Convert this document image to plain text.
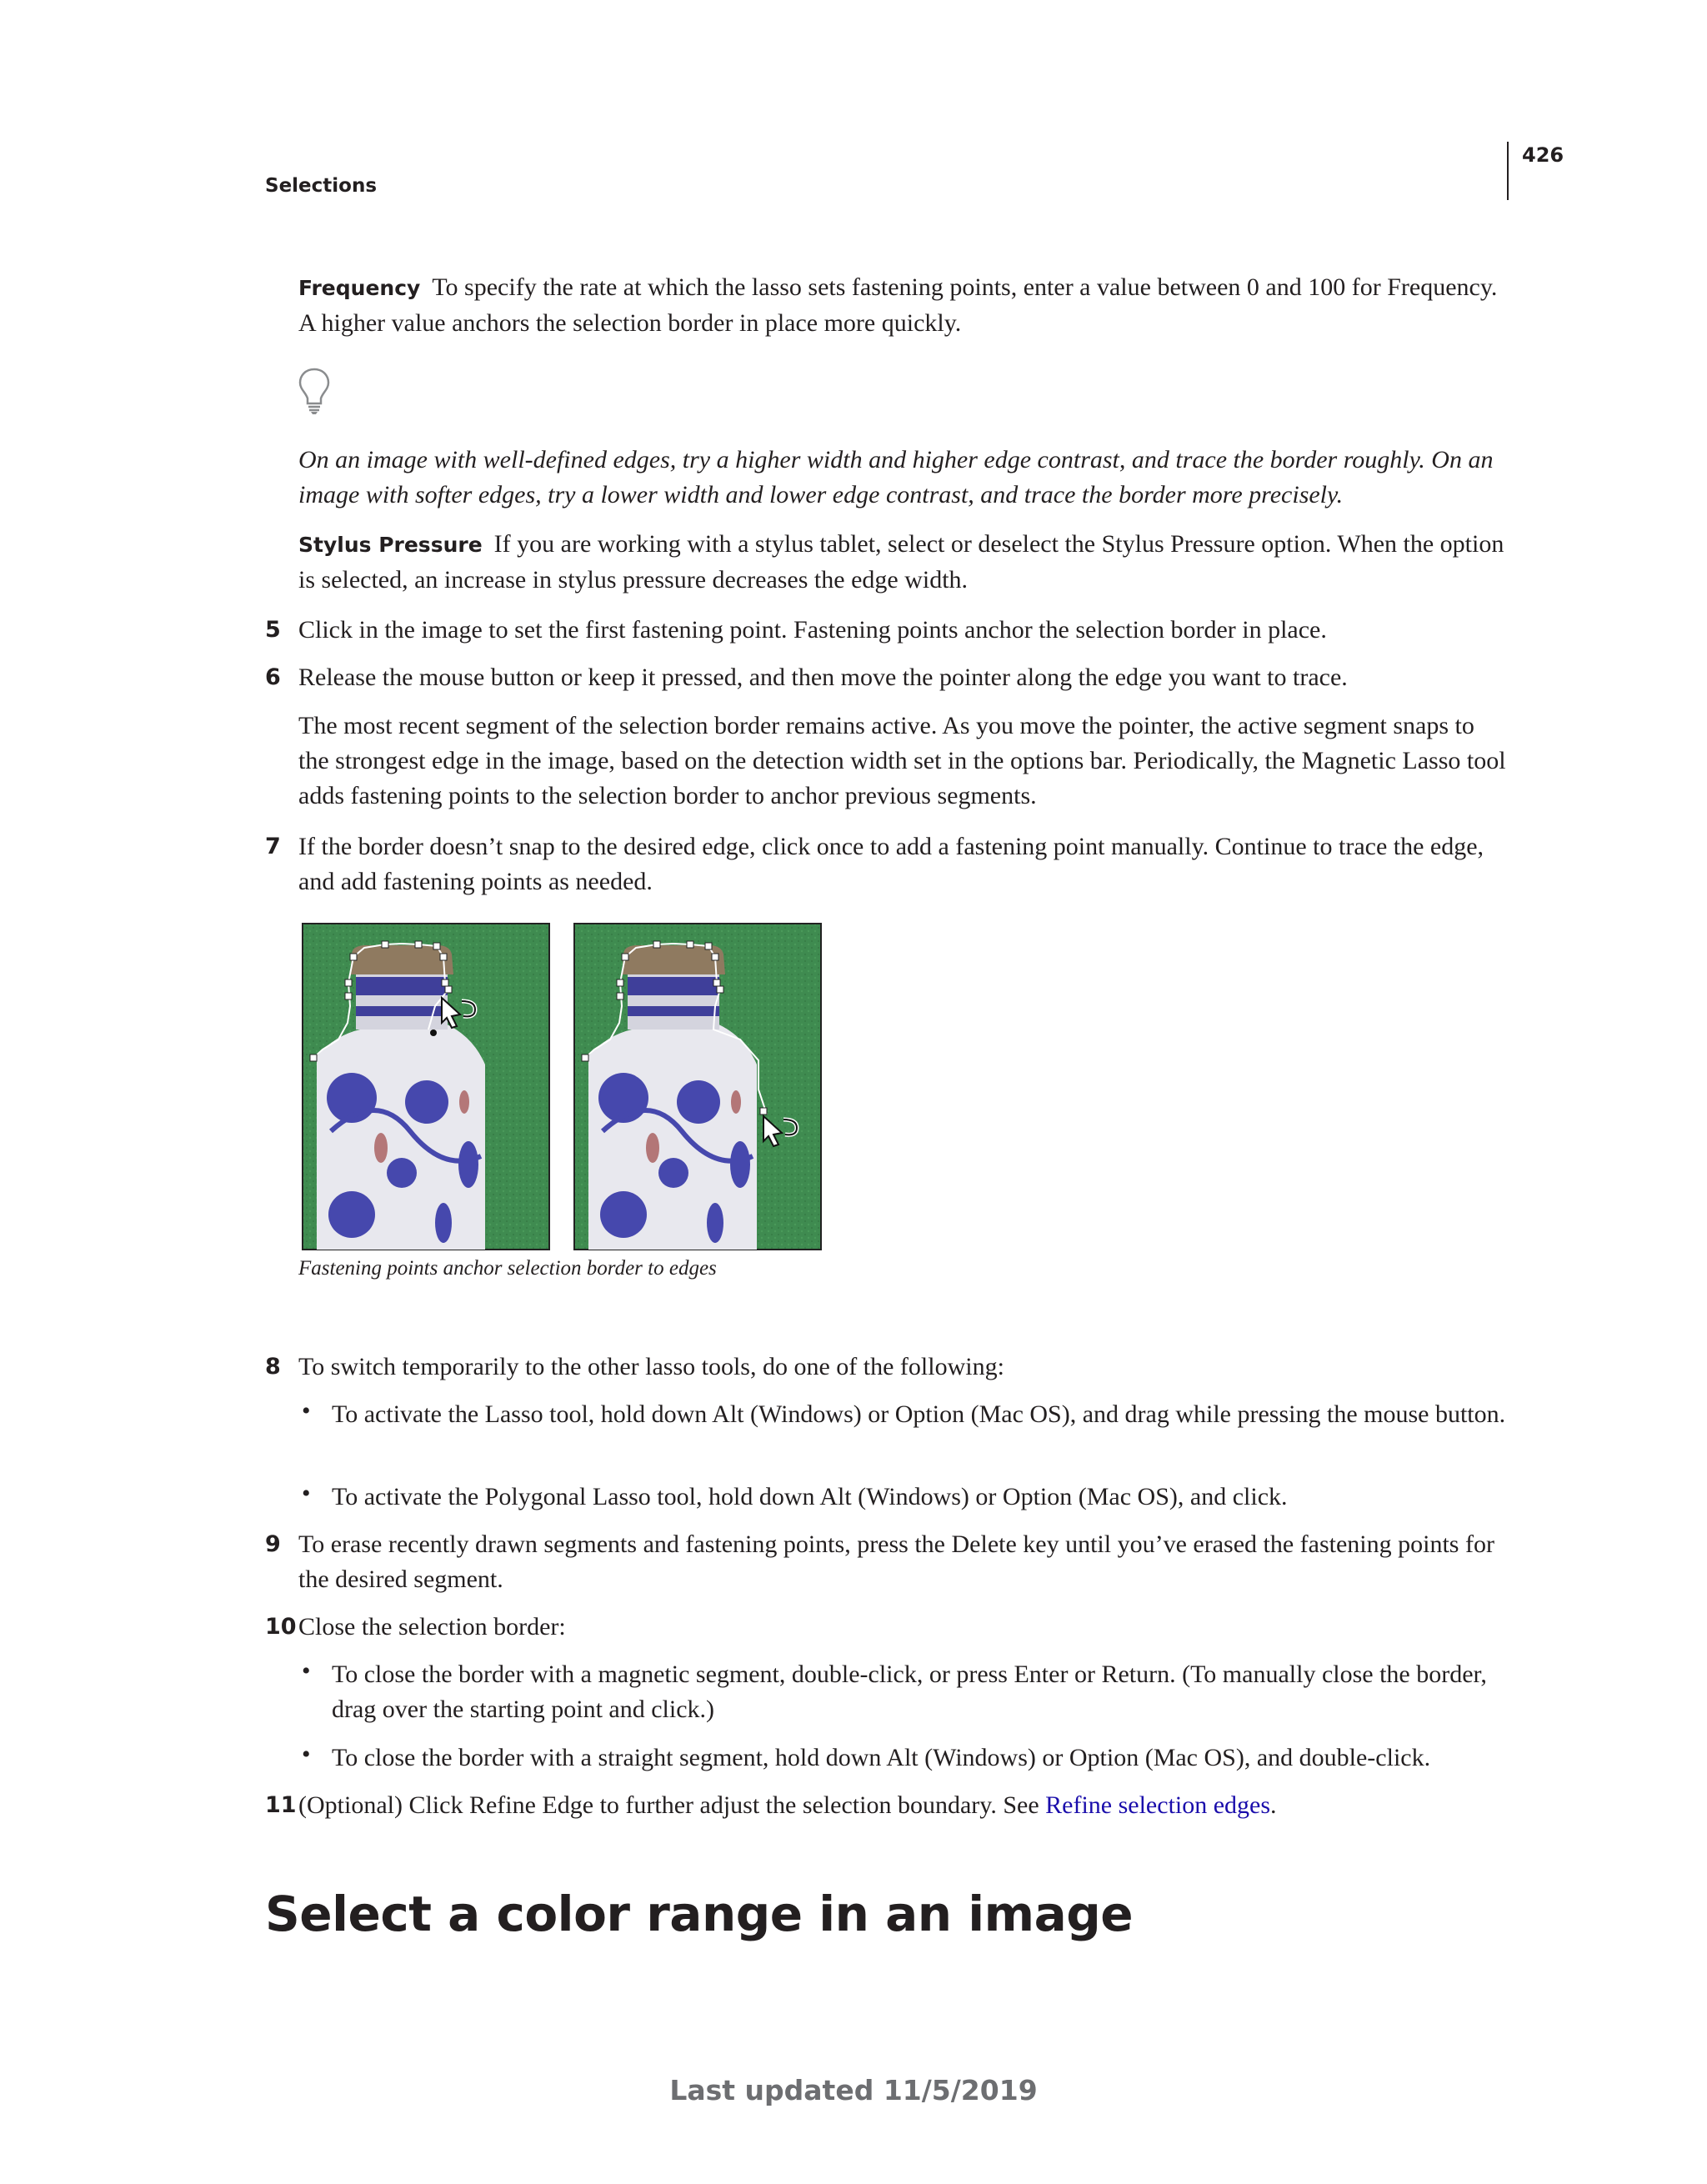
426
Selections
Frequency To specify the rate at which the lasso sets fastening points, enter a value between 0 and 100 for Frequency. A higher value anchors the selection border in place more quickly.
On an image with well-defined edges, try a higher width and higher edge contrast, and trace the border roughly. On an image with softer edges, try a lower width and lower edge contrast, and trace the border more precisely.
Stylus Pressure If you are working with a stylus tablet, select or deselect the Stylus Pressure option. When the option is selected, an increase in stylus pressure decreases the edge width.
5 Click in the image to set the first fastening point. Fastening points anchor the selection border in place.
6 Release the mouse button or keep it pressed, and then move the pointer along the edge you want to trace.
The most recent segment of the selection border remains active. As you move the pointer, the active segment snaps to the strongest edge in the image, based on the detection width set in the options bar. Periodically, the Magnetic Lasso tool adds fastening points to the selection border to anchor previous segments.
7 If the border doesn’t snap to the desired edge, click once to add a fastening point manually. Continue to trace the edge, and add fastening points as needed.
Fastening points anchor selection border to edges
8 To switch temporarily to the other lasso tools, do one of the following:
• To activate the Lasso tool, hold down Alt (Windows) or Option (Mac OS), and drag while pressing the mouse button.
• To activate the Polygonal Lasso tool, hold down Alt (Windows) or Option (Mac OS), and click.
9 To erase recently drawn segments and fastening points, press the Delete key until you’ve erased the fastening points for the desired segment.
10 Close the selection border:
• To close the border with a magnetic segment, double-click, or press Enter or Return. (To manually close the border, drag over the starting point and click.)
• To close the border with a straight segment, hold down Alt (Windows) or Option (Mac OS), and double-click.
11 (Optional) Click Refine Edge to further adjust the selection boundary. See Refine selection edges.
Select a color range in an image
Last updated 11/5/2019
